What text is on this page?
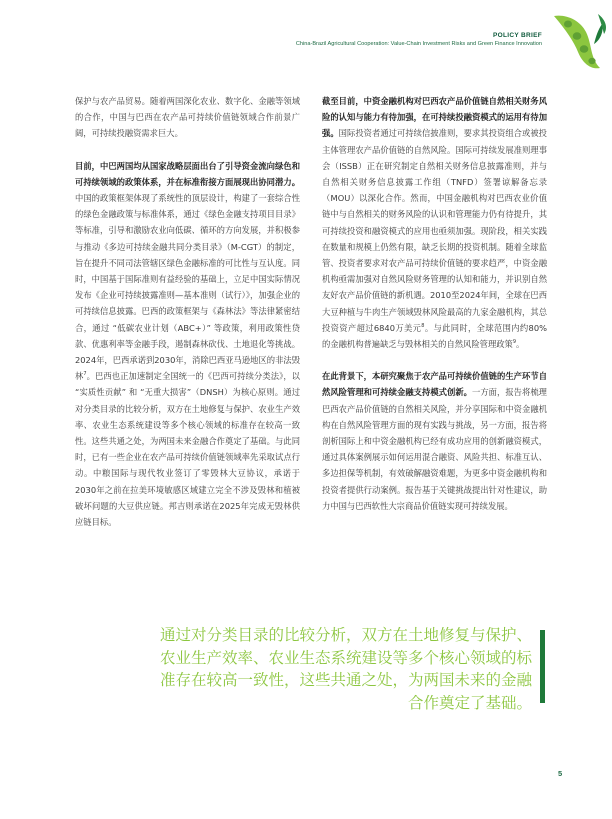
POLICY BRIEF
China-Brazil Agricultural Cooperation: Value-Chain Investment Risks and Green Finance Innovation

保护与农产品贸易。随着两国深化农业、数字化、金融等领域的合作，中国与巴西在农产品可持续价值链领域合作前景广阔，可持续投融资需求巨大。

目前，中巴两国均从国家战略层面出台了引导资金流向绿色和可持续领域的政策体系，并在标准衔接方面展现出协同潜力。中国的政策框架体现了系统性的顶层设计，构建了一套综合性的绿色金融政策与标准体系，通过《绿色金融支持项目目录》等标准，引导和激励农业向低碳、循环的方向发展，并积极参与推动《多边可持续金融共同分类目录》（M-CGT）的制定，旨在提升不同司法管辖区绿色金融标准的可比性与互认度。同时，中国基于国际准则有益经验的基础上，立足中国实际情况发布《企业可持续披露准则—基本准则（试行）》，加强企业的可持续信息披露。巴西的政策框架与《森林法》等法律紧密结合，通过 “低碳农业计划（ABC+）” 等政策，利用政策性贷款、优惠利率等金融手段，遏制森林砍伐、土地退化等挑战。2024年，巴西承诺到2030年，消除巴西亚马逊地区的非法毁林$^7$。巴西也正加速制定全国统一的《巴西可持续分类法》，以 “实质性贡献” 和 “无重大损害”（DNSH）为核心原则。通过对分类目录的比较分析，双方在土地修复与保护、农业生产效率、农业生态系统建设等多个核心领域的标准存在较高一致性。这些共通之处，为两国未来金融合作奠定了基础。与此同时，已有一些企业在农产品可持续价值链领域率先采取试点行动。中粮国际与现代牧业签订了零毁林大豆协议，承诺于2030年之前在拉美环境敏感区域建立完全不涉及毁林和植被破坏问题的大豆供应链。邦吉则承诺在2025年完成无毁林供应链目标。

截至目前，中资金融机构对巴西农产品价值链自然相关财务风险的认知与能力有待加强，在可持续投融资模式的运用有待加强。国际投资者通过可持续信披准则，要求其投资组合或被投主体管理农产品价值链的自然风险。国际可持续发展准则理事会（ISSB）正在研究制定自然相关财务信息披露准则，并与自然相关财务信息披露工作组（TNFD）签署谅解备忘录（MOU）以深化合作。然而，中国金融机构对巴西农业价值链中与自然相关的财务风险的认识和管理能力仍有待提升，其可持续投资和融资模式的应用也亟须加强。现阶段，相关实践在数量和规模上仍然有限，缺乏长期的投资机制。随着全球监管、投资者要求对农产品可持续价值链的要求趋严，中资金融机构亟需加强对自然风险财务管理的认知和能力，并识别自然友好农产品价值链的新机遇。2010至2024年间，全球在巴西大豆种植与牛肉生产领域毁林风险最高的九家金融机构，其总投资资产超过6840万美元$^8$。与此同时，全球范围内约80%的金融机构普遍缺乏与毁林相关的自然风险管理政策$^9$。

在此背景下，本研究聚焦于农产品可持续价值链的生产环节自然风险管理和可持续金融支持模式创新。一方面，报告将梳理巴西农产品价值链的自然相关风险，并分享国际和中资金融机构在自然风险管理方面的现有实践与挑战，另一方面，报告将剖析国际上和中资金融机构已经有成功应用的创新融资模式，通过具体案例展示如何运用混合融资、风险共担、标准互认、多边担保等机制，有效破解融资难题，为更多中资金融机构和投资者提供行动案例。报告基于关键挑战提出针对性建议，助力中国与巴西软性大宗商品价值链实现可持续发展。

通过对分类目录的比较分析，双方在土地修复与保护、农业生产效率、农业生态系统建设等多个核心领域的标准存在较高一致性，这些共通之处，为两国未来的金融合作奠定了基础。
5
